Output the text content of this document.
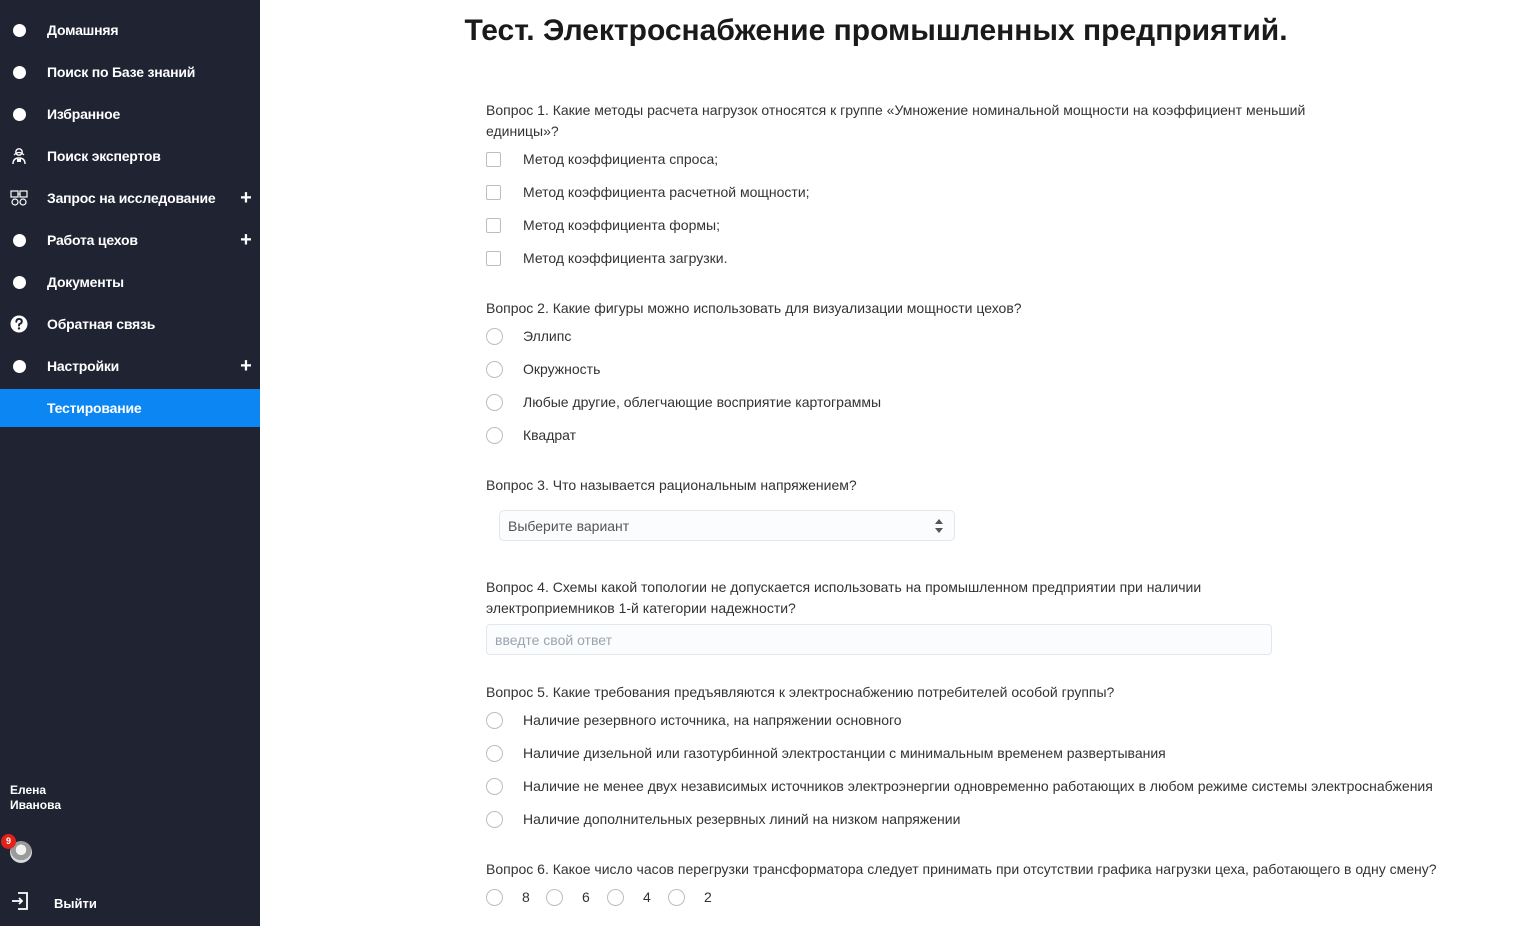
Домашняя
Поиск по Базе знаний
Избранное
Поиск экспертов
Запрос на исследование +
Работа цехов	+
Документы
Обратная связь
Настройки	+
Тестирование
Елена
Иванова
9
Выйти
Тест. Электроснабжение промышленных предприятий.

Вопрос 1. Какие методы расчета нагрузок относятся к группе «Умножение номинальной мощности на коэффициент меньший единицы»?

Метод коэффициента спроса;
Метод коэффициента расчетной мощности;
Метод коэффициента формы;
Метод коэффициента загрузки.

Вопрос 2. Какие фигуры можно использовать для визуализации мощности цехов?

Эллипс
Окружность
Любые другие, облегчающие восприятие картограммы
Квадрат

Вопрос 3. Что называется рациональным напряжением?

Выберите вариант

Вопрос 4. Схемы какой топологии не допускается использовать на промышленном предприятии при наличии электроприемников 1-й категории надежности?

введте свой ответ

Вопрос 5. Какие требования предъявляются к электроснабжению потребителей особой группы?

Наличие резервного источника, на напряжении основного
Наличие дизельной или газотурбинной электростанции с минимальным временем развертывания
Наличие не менее двух независимых источников электроэнергии одновременно работающих в любом режиме системы электроснабжения
Наличие дополнительных резервных линий на низком напряжении

Вопрос 6. Какое число часов перегрузки трансформатора следует принимать при отсутствии графика нагрузки цеха, работающего в одну смену?

8	6	4	2
